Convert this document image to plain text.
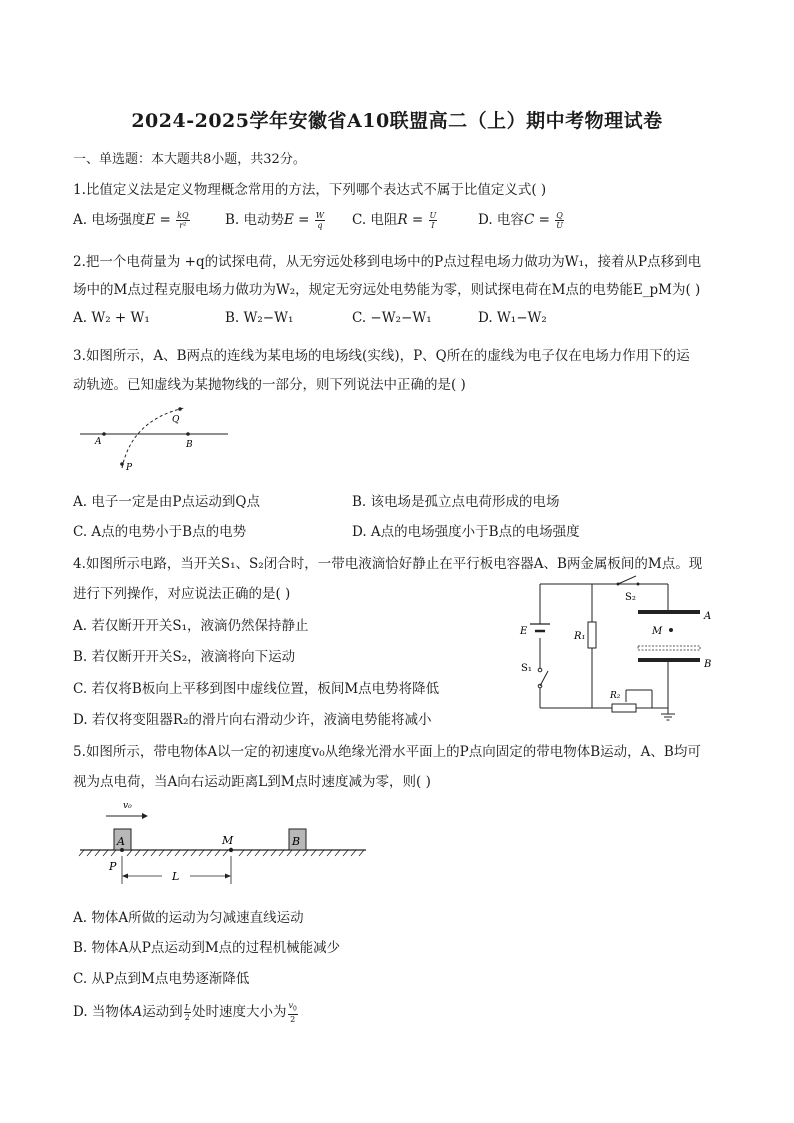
2024-2025学年安徽省A10联盟高二（上）期中考物理试卷
一、单选题：本大题共8小题，共32分。
1.比值定义法是定义物理概念常用的方法，下列哪个表达式不属于比值定义式( )
A. 电场强度$E = \frac{kQ}{\text{r²}}$	B. 电动势$E = \frac{W}{q} C$. 电阻$R = \frac{U}{I}$	D. 电容$C = \frac{Q}{U}$
2.把一个电荷量为 +q的试探电荷，从无穷远处移到电场中的P点过程电场力做功为W₁，接着从P点移到电
场中的M点过程克服电场力做功为W₂，规定无穷远处电势能为零，则试探电荷在M点的电势能E_pM为( )
A. W₂ + W₁	B. W₂−W₁	C. −W₂−W₁	D. W₁−W₂
3.如图所示，A、B两点的连线为某电场的电场线(实线)，P、Q所在的虚线为电子仅在电场力作用下的运
动轨迹。已知虚线为某抛物线的一部分，则下列说法中正确的是( )
A	B
P
Q
A. 电子一定是由P点运动到Q点	B. 该电场是孤立点电荷形成的电场
C. A点的电势小于B点的电势	D. A点的电场强度小于B点的电场强度
4.如图所示电路，当开关S₁、S₂闭合时，一带电液滴恰好静止在平行板电容器A、B两金属板间的M点。现
进行下列操作，对应说法正确的是( )
A. 若仅断开开关S₁，液滴仍然保持静止
B. 若仅断开开关S₂，液滴将向下运动
C. 若仅将B板向上平移到图中虚线位置，板间M点电势将降低
D. 若仅将变阻器R₂的滑片向右滑动少许，液滴电势能将减小
E
S₁
R₁
S₂
A
M
B
R₂
5.如图所示，带电物体A以一定的初速度v₀从绝缘光滑水平面上的P点向固定的带电物体B运动，A、B均可
视为点电荷，当A向右运动距离L到M点时速度减为零，则( )
v₀
A
P
M	B
L
A. 物体A所做的运动为匀减速直线运动
B. 物体A从P点运动到M点的过程机械能减少
C. 从P点到M点电势逐渐降低
D. 当物体A运动到 $\frac{L}{2}$ 处时速度大小为 $\frac{v_0}{2}$
